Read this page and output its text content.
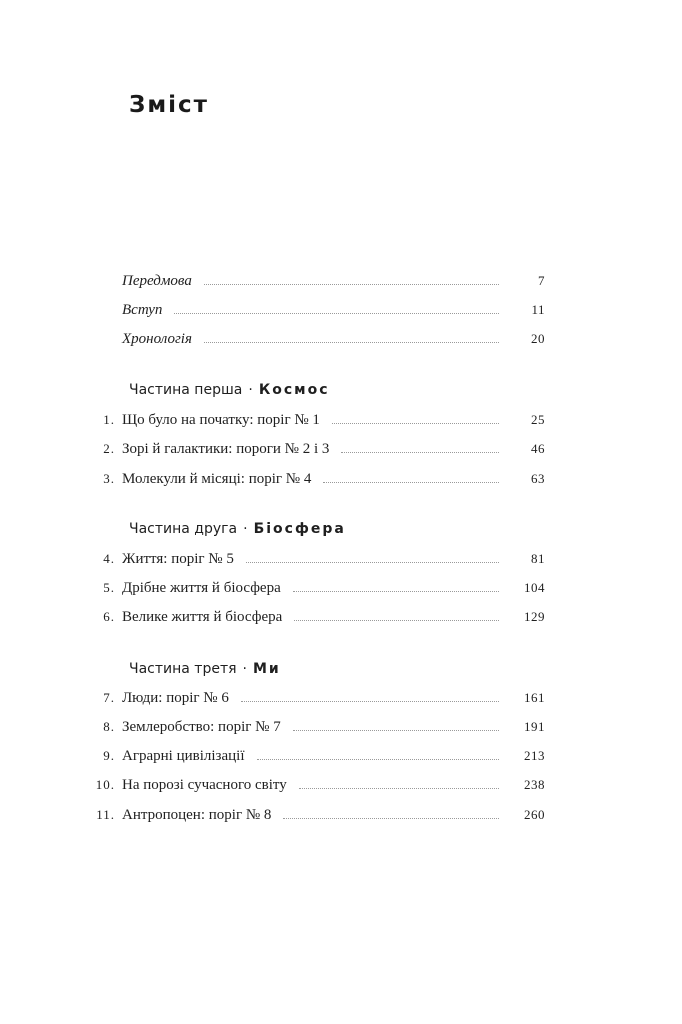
Зміст
Передмова	7
Вступ	11
Хронологія	20
Частина перша · Космос
1. Що було на початку: поріг № 1	25
2. Зорі й галактики: пороги № 2 і 3	46
3. Молекули й місяці: поріг № 4	63
Частина друга · Біосфера
4. Життя: поріг № 5	81
5. Дрібне життя й біосфера	104
6. Велике життя й біосфера	129
Частина третя · Ми
7. Люди: поріг № 6	161
8. Землеробство: поріг № 7	191
9. Аграрні цивілізації	213
10. На порозі сучасного світу	238
11. Антропоцен: поріг № 8	260
